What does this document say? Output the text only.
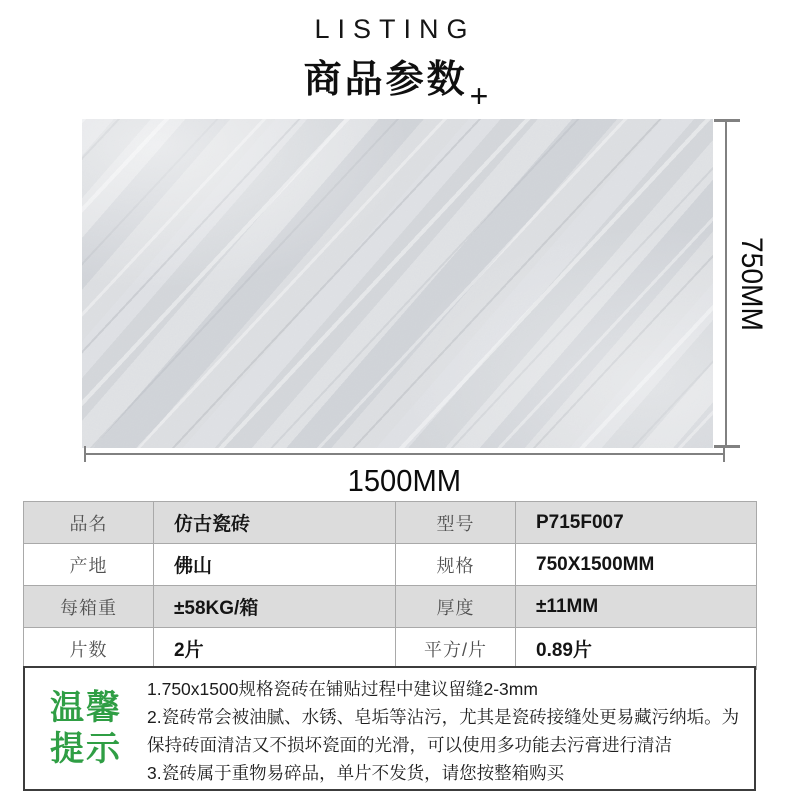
LISTING
商品参数+
750MM
1500MM
品名	仿古瓷砖	型号	P715F007
产地	佛山	规格	750X1500MM
每箱重	±58KG/箱	厚度	±11MM
片数	2片	平方/片	0.89片
温馨
提示

1.750x1500规格瓷砖在铺贴过程中建议留缝2-3mm

2.瓷砖常会被油腻、水锈、皂垢等沾污，尤其是瓷砖接缝处更易藏污纳垢。为保持砖面清洁又不损坏瓷面的光滑，可以使用多功能去污膏进行清洁

3.瓷砖属于重物易碎品，单片不发货，请您按整箱购买
